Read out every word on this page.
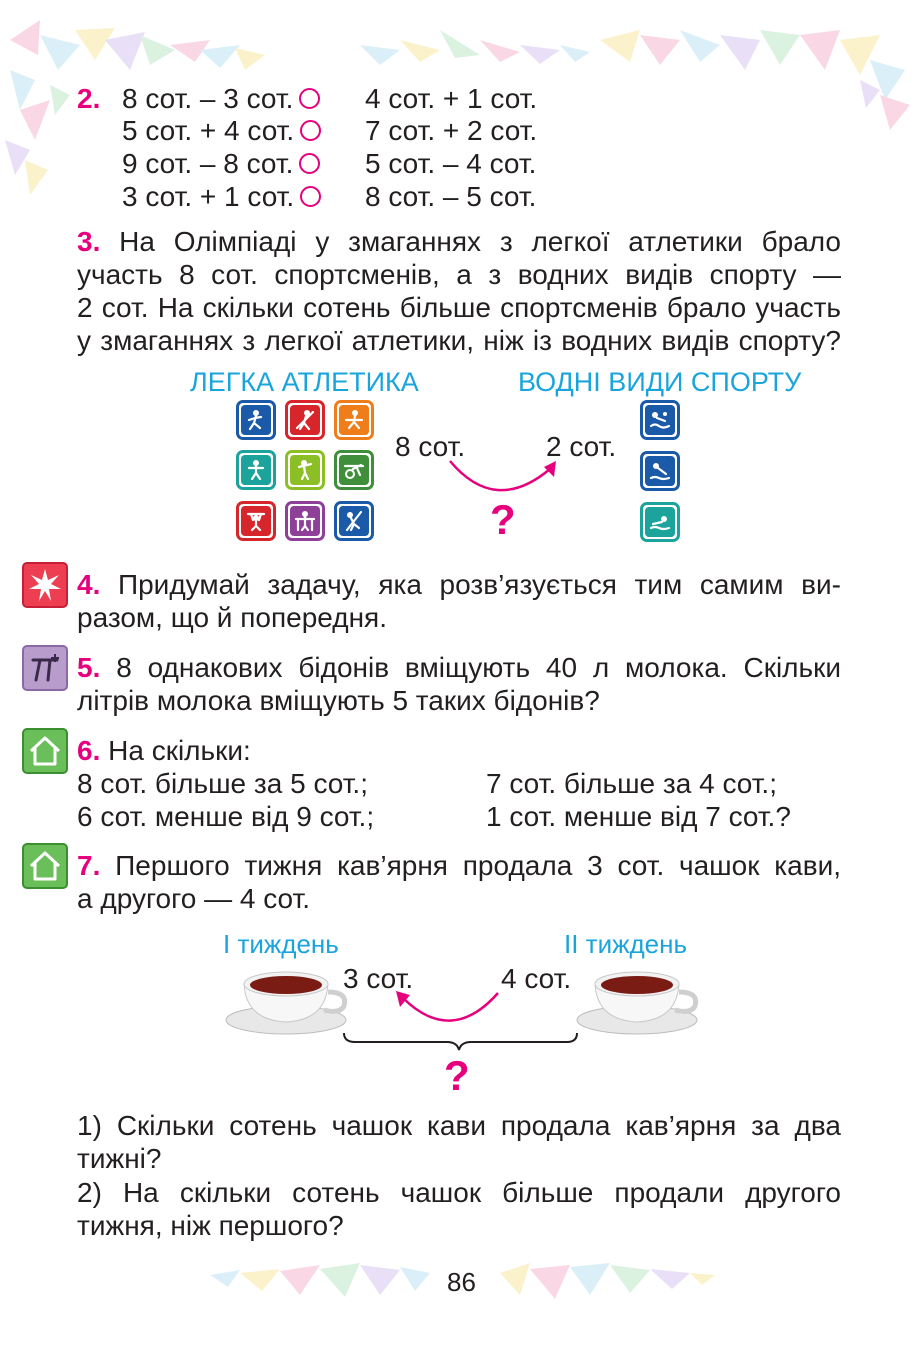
2. 8 сот. – 3 сот.	4 сот. + 1 сот.
5 сот. + 4 сот.	7 сот. + 2 сот.
9 сот. – 8 сот.	5 сот. – 4 сот.
3 сот. + 1 сот.	8 сот. – 5 сот.
3. На Олімпіаді у змаганнях з легкої атлетики брало
участь 8 сот. спортсменів, а з водних видів спорту —
2 сот. На скільки сотень більше спортсменів брало участь
у змаганнях з легкої атлетики, ніж із водних видів спорту?
ЛЕГКА АТЛЕТИКА	ВОДНІ ВИДИ СПОРТУ
8 сот.	2 сот.
?
4. Придумай задачу, яка розв’язується тим самим ви-
разом, що й попередня.
5. 8 однакових бідонів вміщують 40 л молока. Скільки
літрів молока вміщують 5 таких бідонів?
6. На скільки:
8 сот. більше за 5 сот.;	7 сот. більше за 4 сот.;
6 сот. менше від 9 сот.;	1 сот. менше від 7 сот.?
7. Першого тижня кав’ярня продала 3 сот. чашок кави,
а другого — 4 сот.
І тиждень	ІІ тиждень
3 сот.	4 сот.
?
1) Скільки сотень чашок кави продала кав’ярня за два
тижні?
2) На скільки сотень чашок більше продали другого
тижня, ніж першого?
86
